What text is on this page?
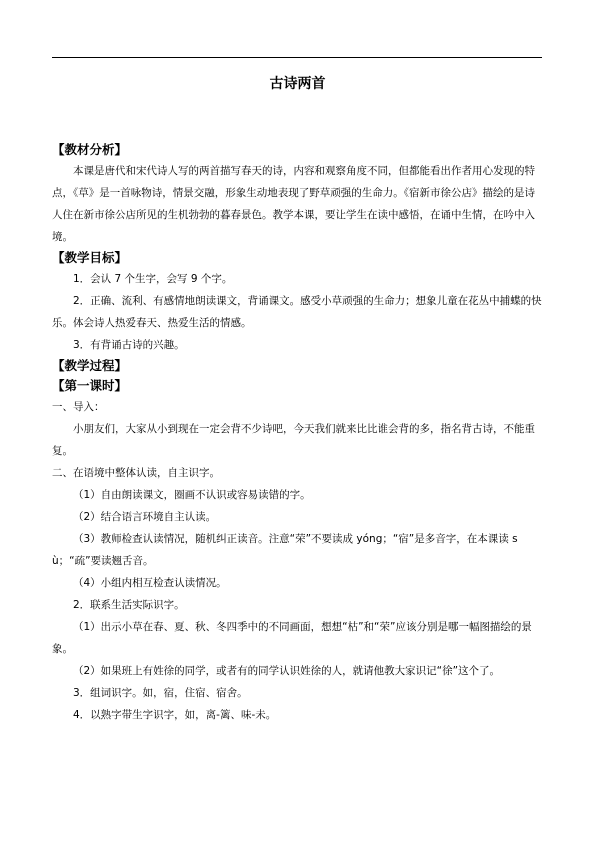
古诗两首
【教材分析】
本课是唐代和宋代诗人写的两首描写春天的诗，内容和观察角度不同，但都能看出作者用心发现的特点，《草》是一首咏物诗，情景交融，形象生动地表现了野草顽强的生命力。《宿新市徐公店》描绘的是诗人住在新市徐公店所见的生机勃勃的暮春景色。教学本课，要让学生在读中感悟，在诵中生情，在吟中入境。
【教学目标】
1．会认 7 个生字，会写 9 个字。
2．正确、流利、有感情地朗读课文，背诵课文。感受小草顽强的生命力；想象儿童在花丛中捕蝶的快乐。体会诗人热爱春天、热爱生活的情感。
3．有背诵古诗的兴趣。
【教学过程】
【第一课时】
一、导入：
小朋友们，大家从小到现在一定会背不少诗吧，今天我们就来比比谁会背的多，指名背古诗，不能重复。
二、在语境中整体认读，自主识字。
（1）自由朗读课文，圈画不认识或容易读错的字。
（2）结合语言环境自主认读。
（3）教师检查认读情况，随机纠正读音。注意“荣”不要读成 yóng；“宿”是多音字，在本课读 sù；“疏”要读翘舌音。
（4）小组内相互检查认读情况。
2．联系生活实际识字。
（1）出示小草在春、夏、秋、冬四季中的不同画面，想想“枯”和“荣”应该分别是哪一幅图描绘的景象。
（2）如果班上有姓徐的同学，或者有的同学认识姓徐的人，就请他教大家识记“徐”这个了。
3．组词识字。如，宿，住宿、宿舍。
4．以熟字带生字识字，如，离-篱、味-未。
